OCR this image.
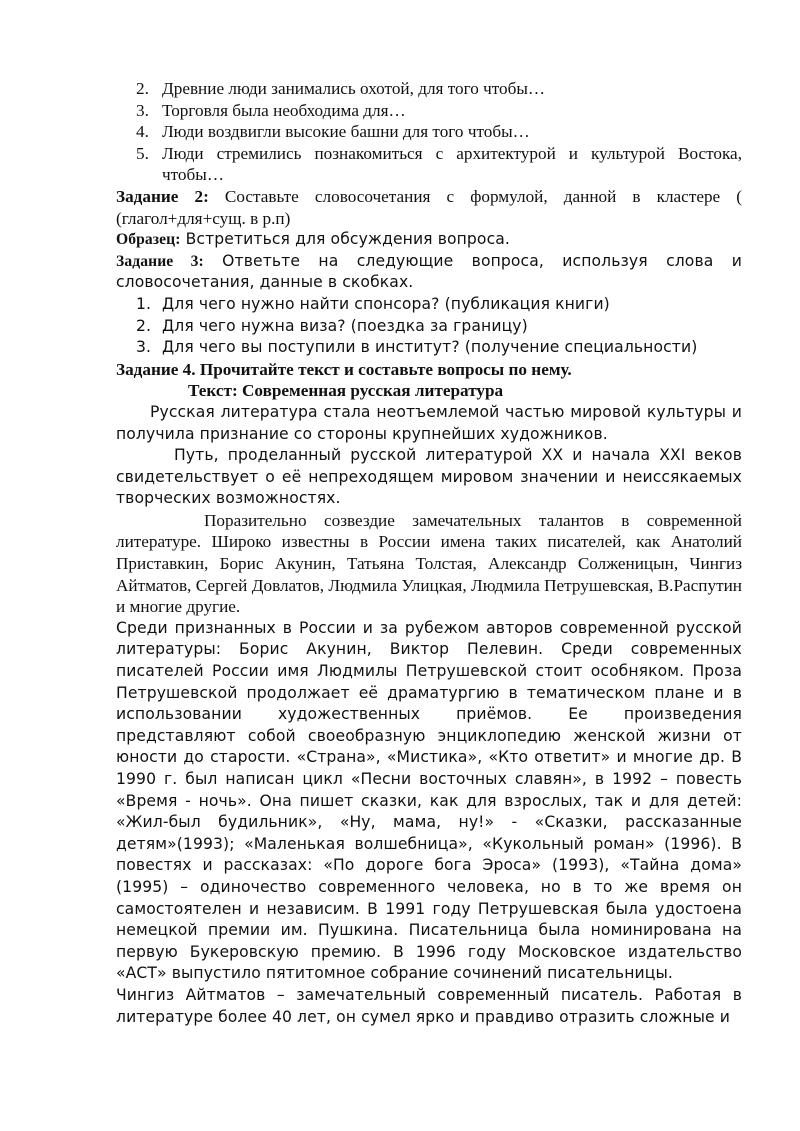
2. Древние люди занимались охотой, для того чтобы…
3. Торговля была необходима для…
4. Люди воздвигли высокие башни для того чтобы…
5. Люди стремились познакомиться с архитектурой и культурой Востока, чтобы…

Задание 2: Составьте словосочетания с формулой, данной в кластере ( (глагол+для+сущ. в р.п)

Образец: Встретиться для обсуждения вопроса.

Задание 3: Ответьте на следующие вопроса, используя слова и словосочетания, данные в скобках.

1. Для чего нужно найти спонсора? (публикация книги)
2. Для чего нужна виза? (поездка за границу)
3. Для чего вы поступили в институт? (получение специальности)

Задание 4. Прочитайте текст и составьте вопросы по нему.

Текст: Современная русская литература

Русская литература стала неотъемлемой частью мировой культуры и получила признание со стороны крупнейших художников.

Путь, проделанный русской литературой XX и начала XXI веков свидетельствует о её непреходящем мировом значении и неиссякаемых творческих возможностях.

Поразительно созвездие замечательных талантов в современной литературе. Широко известны в России имена таких писателей, как Анатолий Приставкин, Борис Акунин, Татьяна Толстая, Александр Солженицын, Чингиз Айтматов, Сергей Довлатов, Людмила Улицкая, Людмила Петрушевская, В.Распутин и многие другие.

Среди признанных в России и за рубежом авторов современной русской литературы: Борис Акунин, Виктор Пелевин. Среди современных писателей России имя Людмилы Петрушевской стоит особняком. Проза Петрушевской продолжает её драматургию в тематическом плане и в использовании художественных приёмов. Ее произведения представляют собой своеобразную энциклопедию женской жизни от юности до старости. «Страна», «Мистика», «Кто ответит» и многие др. В 1990 г. был написан цикл «Песни восточных славян», в 1992 – повесть «Время - ночь». Она пишет сказки, как для взрослых, так и для детей: «Жил-был будильник», «Ну, мама, ну!» - «Сказки, рассказанные детям»(1993); «Маленькая волшебница», «Кукольный роман» (1996). В повестях и рассказах: «По дороге бога Эроса» (1993), «Тайна дома» (1995) – одиночество современного человека, но в то же время он самостоятелен и независим. В 1991 году Петрушевская была удостоена немецкой премии им. Пушкина. Писательница была номинирована на первую Букеровскую премию. В 1996 году Московское издательство «АСТ» выпустило пятитомное собрание сочинений писательницы.

Чингиз Айтматов – замечательный современный писатель. Работая в литературе более 40 лет, он сумел ярко и правдиво отразить сложные и
